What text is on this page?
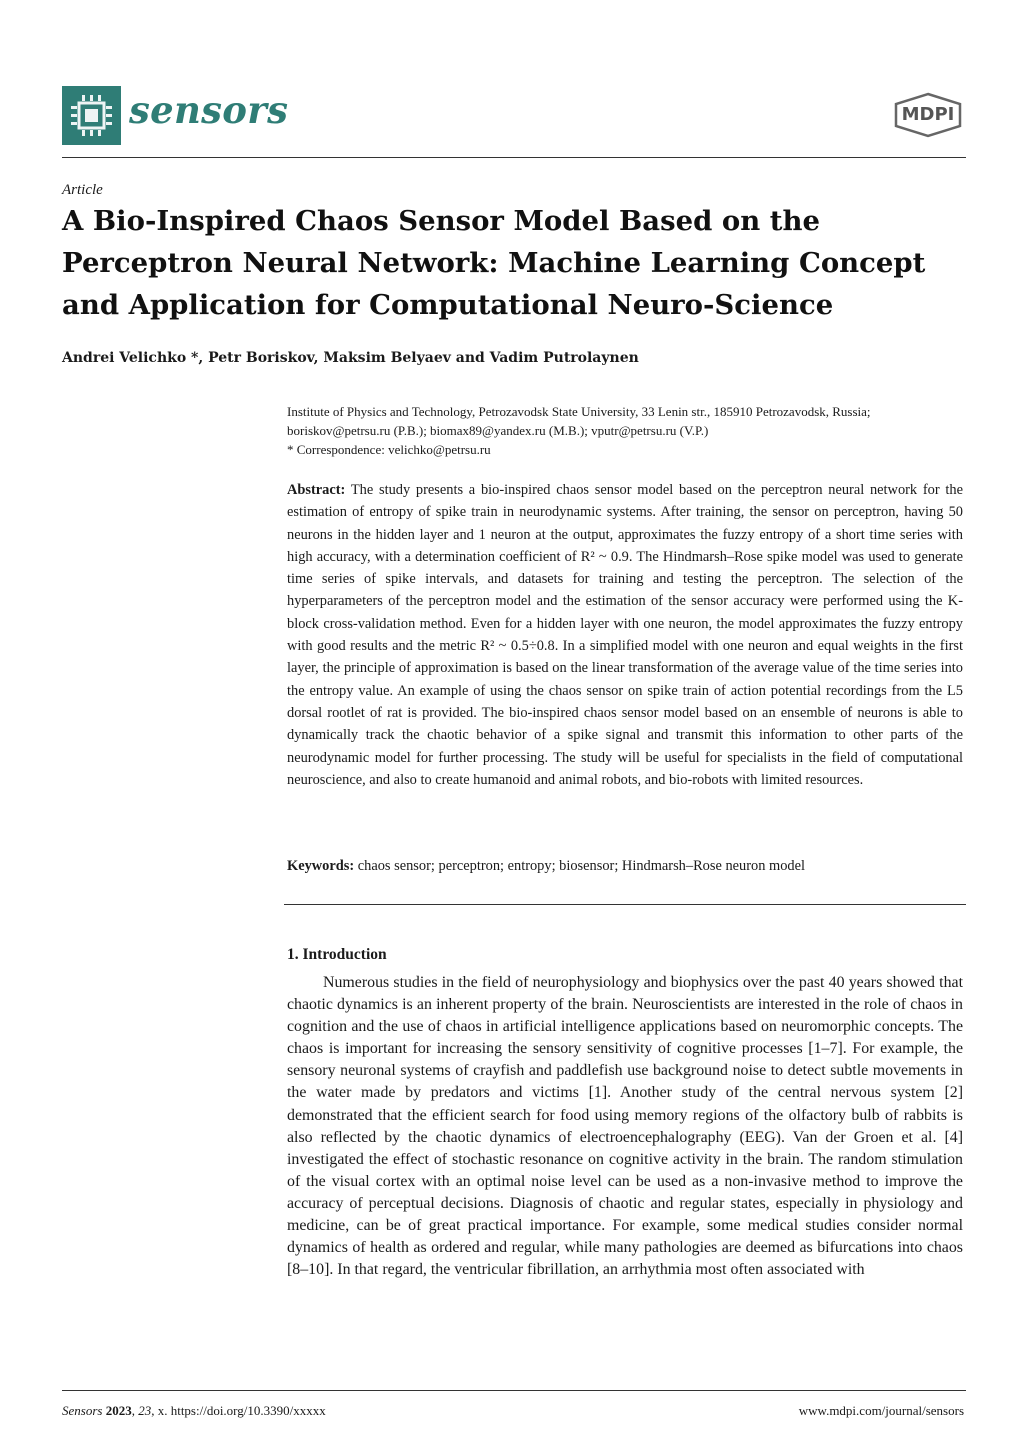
sensors	MDPI
Article
A Bio-Inspired Chaos Sensor Model Based on the Perceptron Neural Network: Machine Learning Concept and Application for Computational Neuro-Science
Andrei Velichko *, Petr Boriskov, Maksim Belyaev and Vadim Putrolaynen
Institute of Physics and Technology, Petrozavodsk State University, 33 Lenin str., 185910 Petrozavodsk, Russia;
boriskov@petrsu.ru (P.B.); biomax89@yandex.ru (M.B.); vputr@petrsu.ru (V.P.)
* Correspondence: velichko@petrsu.ru
Abstract: The study presents a bio-inspired chaos sensor model based on the perceptron neural network for the estimation of entropy of spike train in neurodynamic systems. After training, the sensor on perceptron, having 50 neurons in the hidden layer and 1 neuron at the output, approximates the fuzzy entropy of a short time series with high accuracy, with a determination coefficient of R² ~ 0.9. The Hindmarsh–Rose spike model was used to generate time series of spike intervals, and datasets for training and testing the perceptron. The selection of the hyperparameters of the perceptron model and the estimation of the sensor accuracy were performed using the K-block cross-validation method. Even for a hidden layer with one neuron, the model approximates the fuzzy entropy with good results and the metric R² ~ 0.5÷0.8. In a simplified model with one neuron and equal weights in the first layer, the principle of approximation is based on the linear transformation of the average value of the time series into the entropy value. An example of using the chaos sensor on spike train of action potential recordings from the L5 dorsal rootlet of rat is provided. The bio-inspired chaos sensor model based on an ensemble of neurons is able to dynamically track the chaotic behavior of a spike signal and transmit this information to other parts of the neurodynamic model for further processing. The study will be useful for specialists in the field of computational neuroscience, and also to create humanoid and animal robots, and bio-robots with limited resources.
Keywords: chaos sensor; perceptron; entropy; biosensor; Hindmarsh–Rose neuron model
1. Introduction
Numerous studies in the field of neurophysiology and biophysics over the past 40 years showed that chaotic dynamics is an inherent property of the brain. Neuroscientists are interested in the role of chaos in cognition and the use of chaos in artificial intelligence applications based on neuromorphic concepts. The chaos is important for increasing the sensory sensitivity of cognitive processes [1–7]. For example, the sensory neuronal systems of crayfish and paddlefish use background noise to detect subtle movements in the water made by predators and victims [1]. Another study of the central nervous system [2] demonstrated that the efficient search for food using memory regions of the olfactory bulb of rabbits is also reflected by the chaotic dynamics of electroencephalography (EEG). Van der Groen et al. [4] investigated the effect of stochastic resonance on cognitive activity in the brain. The random stimulation of the visual cortex with an optimal noise level can be used as a non-invasive method to improve the accuracy of perceptual decisions. Diagnosis of chaotic and regular states, especially in physiology and medicine, can be of great practical importance. For example, some medical studies consider normal dynamics of health as ordered and regular, while many pathologies are deemed as bifurcations into chaos [8–10]. In that regard, the ventricular fibrillation, an arrhythmia most often associated with
Sensors 2023, 23, x. https://doi.org/10.3390/xxxxx	www.mdpi.com/journal/sensors
